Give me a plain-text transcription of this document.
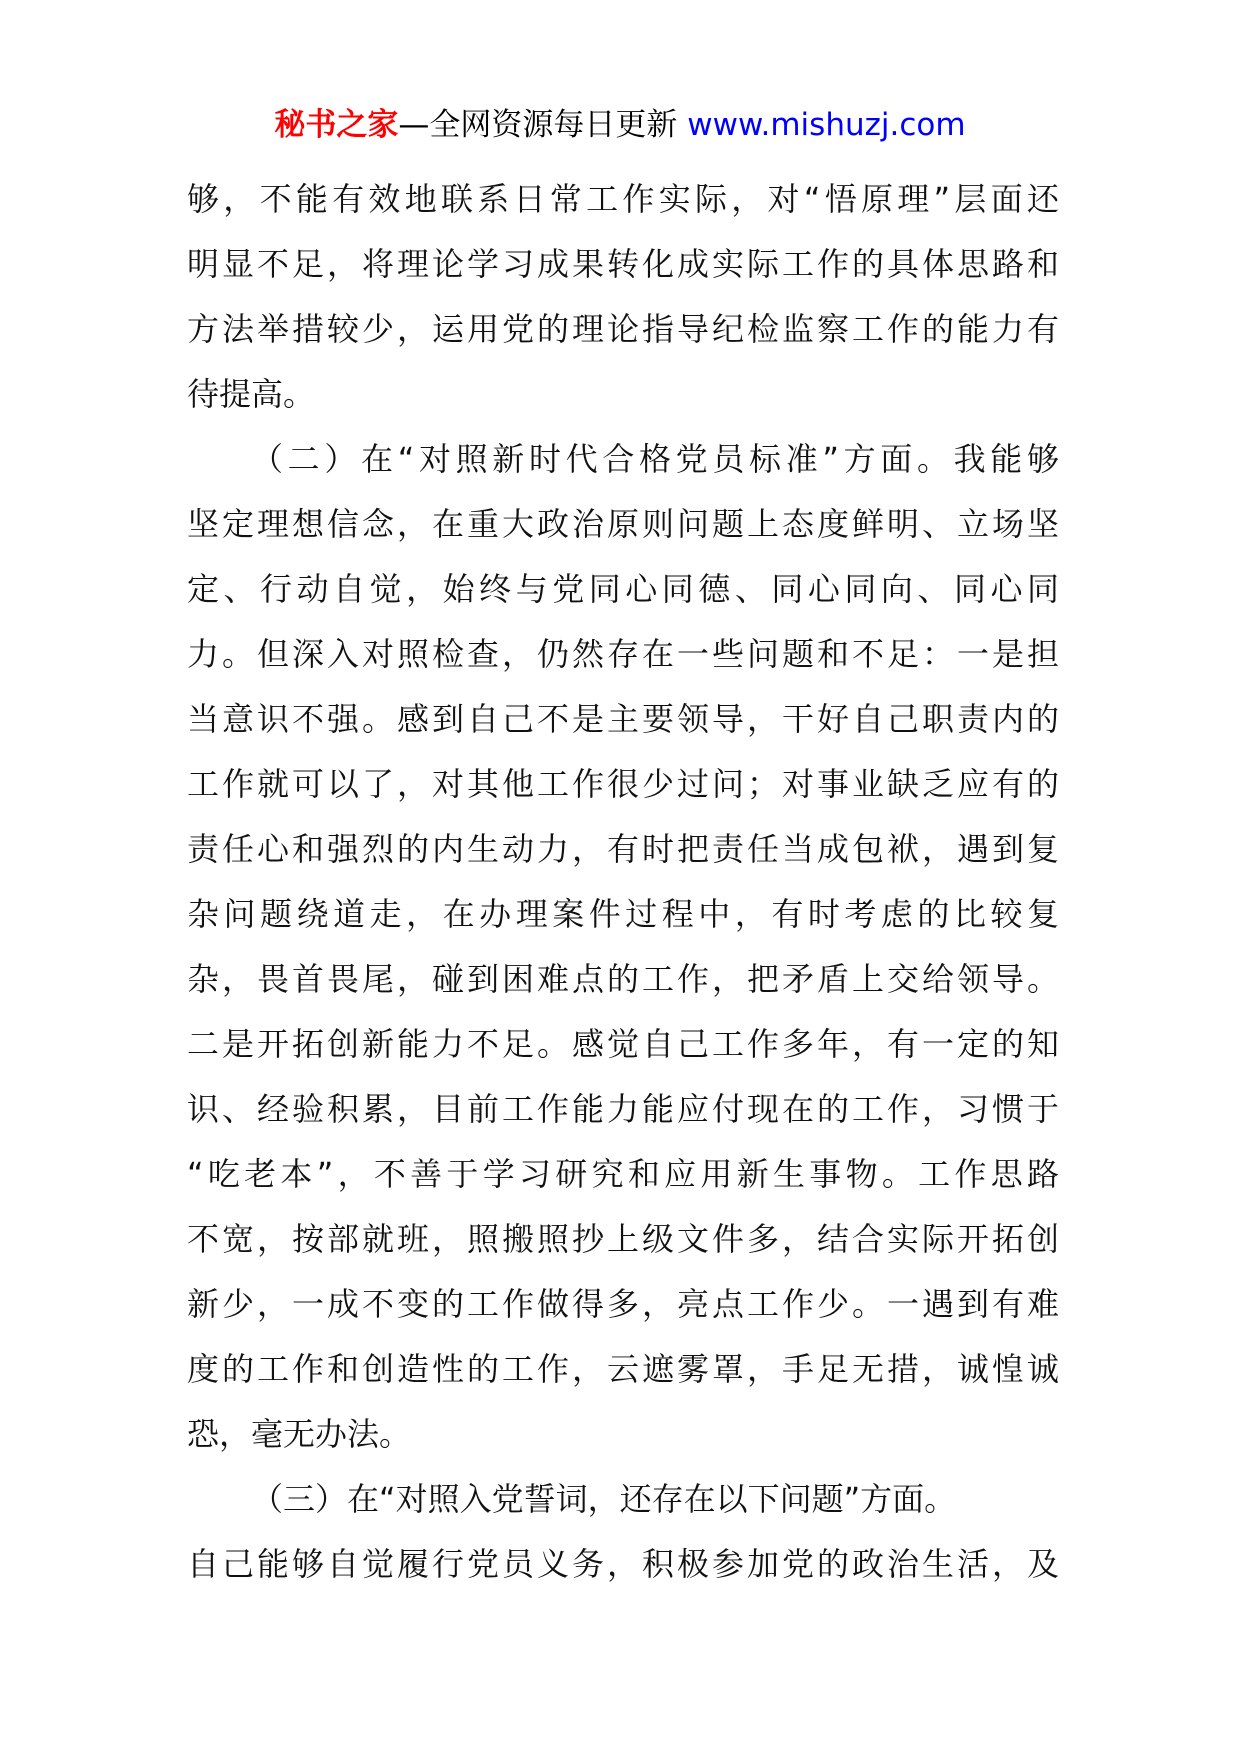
秘书之家—全网资源每日更新 www.mishuzj.com
够，不能有效地联系日常工作实际，对“悟原理”层面还
明显不足，将理论学习成果转化成实际工作的具体思路和
方法举措较少，运用党的理论指导纪检监察工作的能力有
待提高。
（二）在“对照新时代合格党员标准”方面。我能够
坚定理想信念，在重大政治原则问题上态度鲜明、立场坚
定、行动自觉，始终与党同心同德、同心同向、同心同
力。但深入对照检查，仍然存在一些问题和不足：一是担
当意识不强。感到自己不是主要领导，干好自己职责内的
工作就可以了，对其他工作很少过问；对事业缺乏应有的
责任心和强烈的内生动力，有时把责任当成包袱，遇到复
杂问题绕道走，在办理案件过程中，有时考虑的比较复
杂，畏首畏尾，碰到困难点的工作，把矛盾上交给领导。
二是开拓创新能力不足。感觉自己工作多年，有一定的知
识、经验积累，目前工作能力能应付现在的工作，习惯于
“吃老本”，不善于学习研究和应用新生事物。工作思路
不宽，按部就班，照搬照抄上级文件多，结合实际开拓创
新少，一成不变的工作做得多，亮点工作少。一遇到有难
度的工作和创造性的工作，云遮雾罩，手足无措，诚惶诚
恐，毫无办法。
（三）在“对照入党誓词，还存在以下问题”方面。
自己能够自觉履行党员义务，积极参加党的政治生活，及
